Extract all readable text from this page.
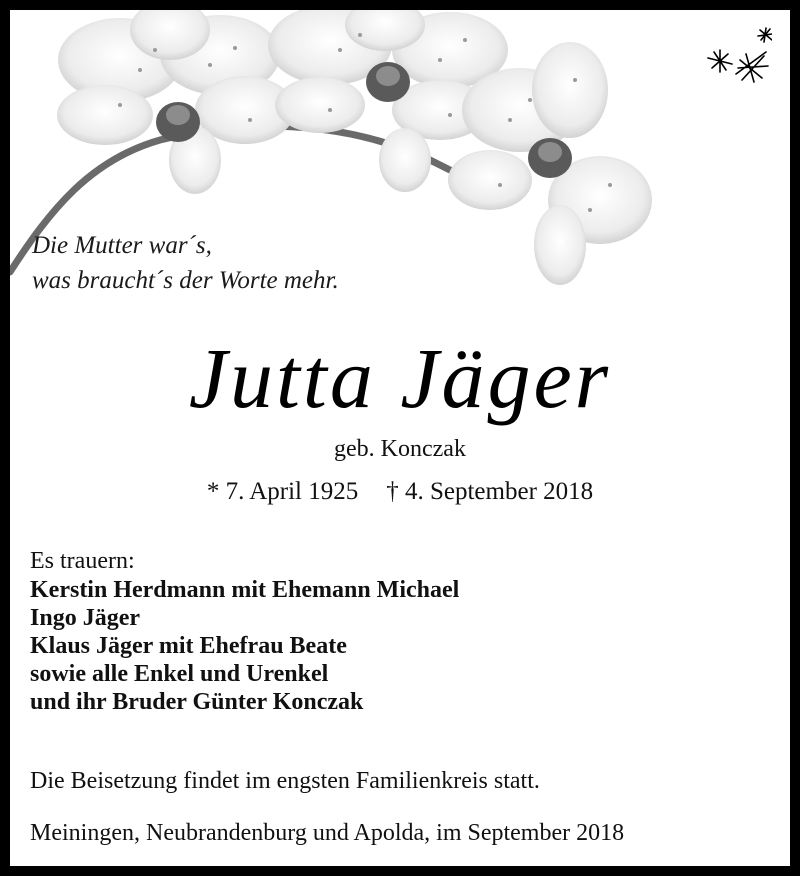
Die Mutter war´s,
was braucht´s der Worte mehr.

Jutta Jäger
geb. Konczak
* 7. April 1925 † 4. September 2018
Es trauern:
Kerstin Herdmann mit Ehemann Michael
Ingo Jäger
Klaus Jäger mit Ehefrau Beate
sowie alle Enkel und Urenkel
und ihr Bruder Günter Konczak
Die Beisetzung findet im engsten Familienkreis statt.
Meiningen, Neubrandenburg und Apolda, im September 2018
